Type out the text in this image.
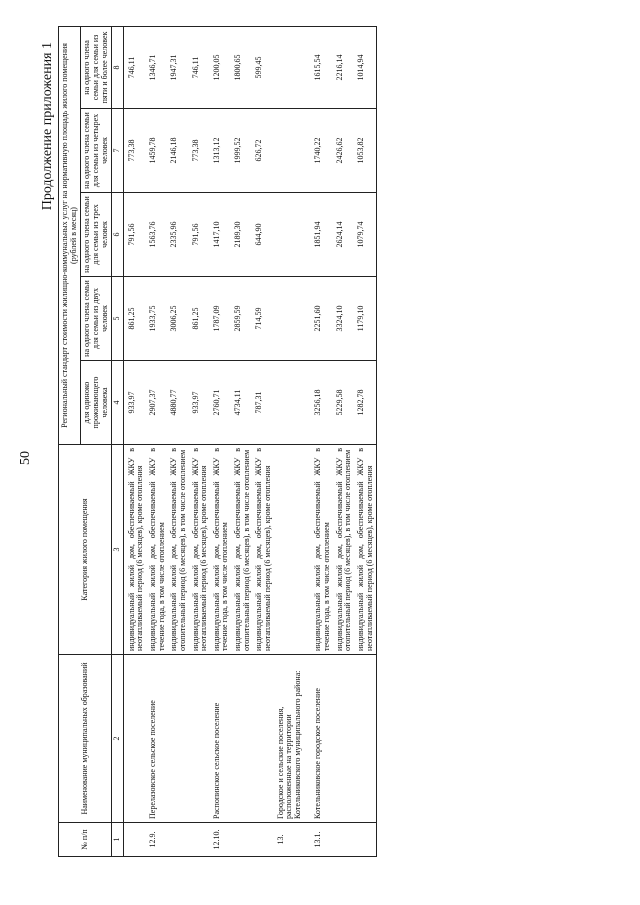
50
Продолжение приложения 1
№ п/п	Наименование муниципальных образований	Категория жилого помещения	Региональный стандарт стоимости жилищно-коммунальных услуг на нормативную площадь жилого помещения (рублей в месяц)				
			для одиноко проживающего человека	на одного члена семьи для семьи из двух человек	на одного члена семьи для семьи из трех человек	на одного члена семьи для семьи из четырех человек	на одного члена семьи для семьи из пяти и более человек
1	2	3	4	5	6	7	8
		индивидуальный жилой дом, обеспечиваемый ЖКУ в неотапливаемый период (6 месяцев), кроме отопления	933,97	861,25	791,56	773,38	746,11
12.9.	Перелазовское сельское поселение	индивидуальный жилой дом, обеспечиваемый ЖКУ в течение года, в том числе отоплением	2907,37	1933,75	1563,76	1459,78	1346,71
		индивидуальный жилой дом, обеспечиваемый ЖКУ в отопительный период (6 месяцев), в том числе отоплением	4880,77	3006,25	2335,96	2146,18	1947,31
		индивидуальный жилой дом, обеспечиваемый ЖКУ в неотапливаемый период (6 месяцев), кроме отопления	933,97	861,25	791,56	773,38	746,11
12.10.	Распопинское сельское поселение	индивидуальный жилой дом, обеспечиваемый ЖКУ в течение года, в том числе отоплением	2760,71	1787,09	1417,10	1313,12	1200,05
		индивидуальный жилой дом, обеспечиваемый ЖКУ в отопительный период (6 месяцев), в том числе отоплением	4734,11	2859,59	2189,30	1999,52	1800,65
		индивидуальный жилой дом, обеспечиваемый ЖКУ в неотапливаемый период (6 месяцев), кроме отопления	787,31	714,59	644,90	626,72	599,45
13.	Городское и сельские поселения, расположенные на территории Котельниковского муниципального района:						
13.1.	Котельниковское городское поселение	индивидуальный жилой дом, обеспечиваемый ЖКУ в течение года, в том числе отоплением	3256,18	2251,60	1851,94	1740,22	1615,54
		индивидуальный жилой дом, обеспечиваемый ЖКУ в отопительный период (6 месяцев), в том числе отоплением	5229,58	3324,10	2624,14	2426,62	2216,14
		индивидуальный жилой дом, обеспечиваемый ЖКУ в неотапливаемый период (6 месяцев), кроме отопления	1282,78	1179,10	1079,74	1053,82	1014,94
